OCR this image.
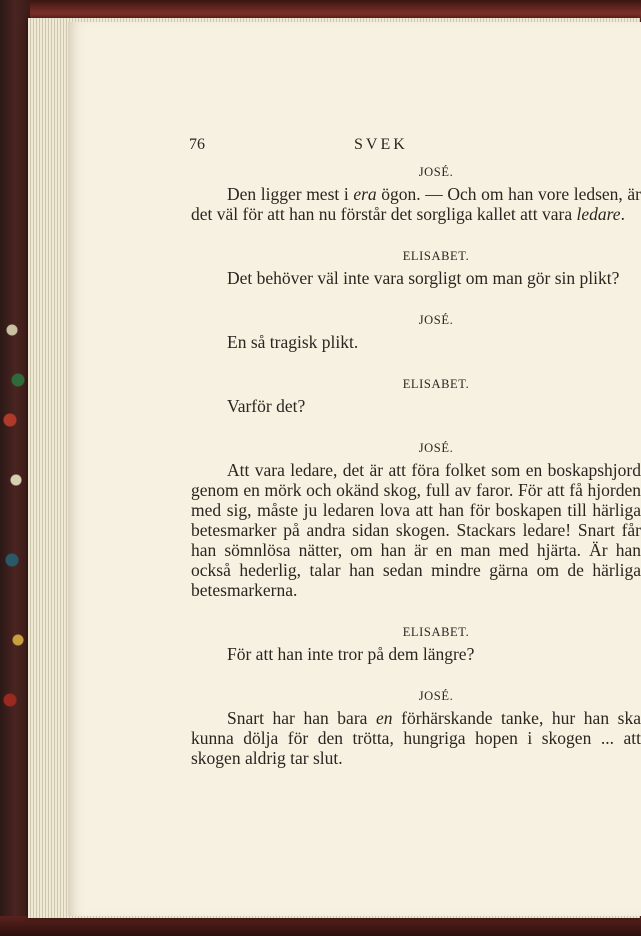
76	SVEK

JOSÉ.

Den ligger mest i era ögon. — Och om han vore ledsen, är det väl för att han nu förstår det sorgliga kallet att vara ledare.

ELISABET.

Det behöver väl inte vara sorgligt om man gör sin plikt?

JOSÉ.

En så tragisk plikt.

ELISABET.

Varför det?

JOSÉ.

Att vara ledare, det är att föra folket som en boskapshjord genom en mörk och okänd skog, full av faror. För att få hjorden med sig, måste ju ledaren lova att han för boskapen till härliga betesmarker på andra sidan skogen. Stackars ledare! Snart får han sömnlösa nätter, om han är en man med hjärta. Är han också hederlig, talar han sedan mindre gärna om de härliga betesmarkerna.

ELISABET.

För att han inte tror på dem längre?

JOSÉ.

Snart har han bara en förhärskande tanke, hur han ska kunna dölja för den trötta, hungriga hopen i skogen ... att skogen aldrig tar slut.
